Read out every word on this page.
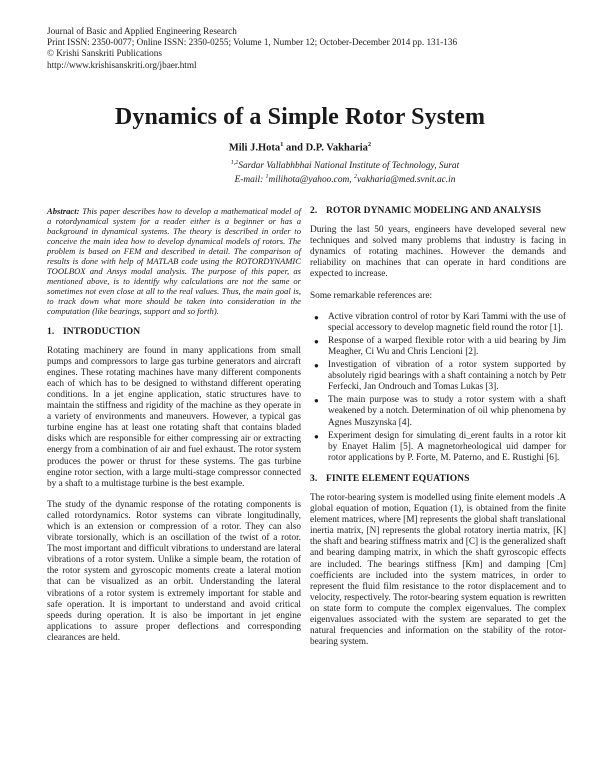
Journal of Basic and Applied Engineering Research
Print ISSN: 2350-0077; Online ISSN: 2350-0255; Volume 1, Number 12; October-December 2014 pp. 131-136
© Krishi Sanskriti Publications
http://www.krishisanskriti.org/jbaer.html
Dynamics of a Simple Rotor System
Mili J.Hota$^1$ and D.P. Vakharia$^2$
$^{1,2}$Sardar Vallabhbhai National Institute of Technology, Surat
E-mail: $^1$milihota@yahoo.com, $^2$vakharia@med.svnit.ac.in

Abstract: This paper describes how to develop a mathematical model of a rotordynamical system for a reader either is a beginner or has a background in dynamical systems. The theory is described in order to conceive the main idea how to develop dynamical models of rotors. The problem is based on FEM and described in detail. The comparison of results is done with help of MATLAB code using the ROTORDYNAMIC TOOLBOX and Ansys modal analysis. The purpose of this paper, as mentioned above, is to identify why calculations are not the same or sometimes not even close at all to the real values. Thus, the main goal is, to track down what more should be taken into consideration in the computation (like bearings, support and so forth).

1. INTRODUCTION

Rotating machinery are found in many applications from small pumps and compressors to large gas turbine generators and aircraft engines. These rotating machines have many different components each of which has to be designed to withstand different operating conditions. In a jet engine application, static structures have to maintain the stiffness and rigidity of the machine as they operate in a variety of environments and maneuvers. However, a typical gas turbine engine has at least one rotating shaft that contains bladed disks which are responsible for either compressing air or extracting energy from a combination of air and fuel exhaust. The rotor system produces the power or thrust for these systems. The gas turbine engine rotor section, with a large multi-stage compressor connected by a shaft to a multistage turbine is the best example.

The study of the dynamic response of the rotating components is called rotordynamics. Rotor systems can vibrate longitudinally, which is an extension or compression of a rotor. They can also vibrate torsionally, which is an oscillation of the twist of a rotor. The most important and difficult vibrations to understand are lateral vibrations of a rotor system. Unlike a simple beam, the rotation of the rotor system and gyroscopic moments create a lateral motion that can be visualized as an orbit. Understanding the lateral vibrations of a rotor system is extremely important for stable and safe operation. It is important to understand and avoid critical speeds during operation. It is also be important in jet engine applications to assure proper deflections and corresponding clearances are held.

2. ROTOR DYNAMIC MODELING AND ANALYSIS

During the last 50 years, engineers have developed several new techniques and solved many problems that industry is facing in dynamics of rotating machines. However the demands and reliability on machines that can operate in hard conditions are expected to increase.

Some remarkable references are:

● Active vibration control of rotor by Kari Tammi with the use of special accessory to develop magnetic field round the rotor [1].
● Response of a warped flexible rotor with a uid bearing by Jim Meagher, Ci Wu and Chris Lencioni [2].
● Investigation of vibration of a rotor system supported by absolutely rigid bearings with a shaft containing a notch by Petr Ferfecki, Jan Ondrouch and Tomas Lukas [3].
● The main purpose was to study a rotor system with a shaft weakened by a notch. Determination of oil whip phenomena by Agnes Muszynska [4].
● Experiment design for simulating di_erent faults in a rotor kit by Enayet Halim [5]. A magnetorheological uid damper for rotor applications by P. Forte, M. Paterno, and E. Rustighi [6].
3. FINITE ELEMENT EQUATIONS

The rotor-bearing system is modelled using finite element models .A global equation of motion, Equation (1), is obtained from the finite element matrices, where [M] represents the global shaft translational inertia matrix, [N] represents the global rotatory inertia matrix, [K] the shaft and bearing stiffness matrix and [C] is the generalized shaft and bearing damping matrix, in which the shaft gyroscopic effects are included. The bearings stiffness [Km] and damping [Cm] coefficients are included into the system matrices, in order to represent the fluid film resistance to the rotor displacement and to velocity, respectively. The rotor-bearing system equation is rewritten on state form to compute the complex eigenvalues. The complex eigenvalues associated with the system are separated to get the natural frequencies and information on the stability of the rotor-bearing system.
